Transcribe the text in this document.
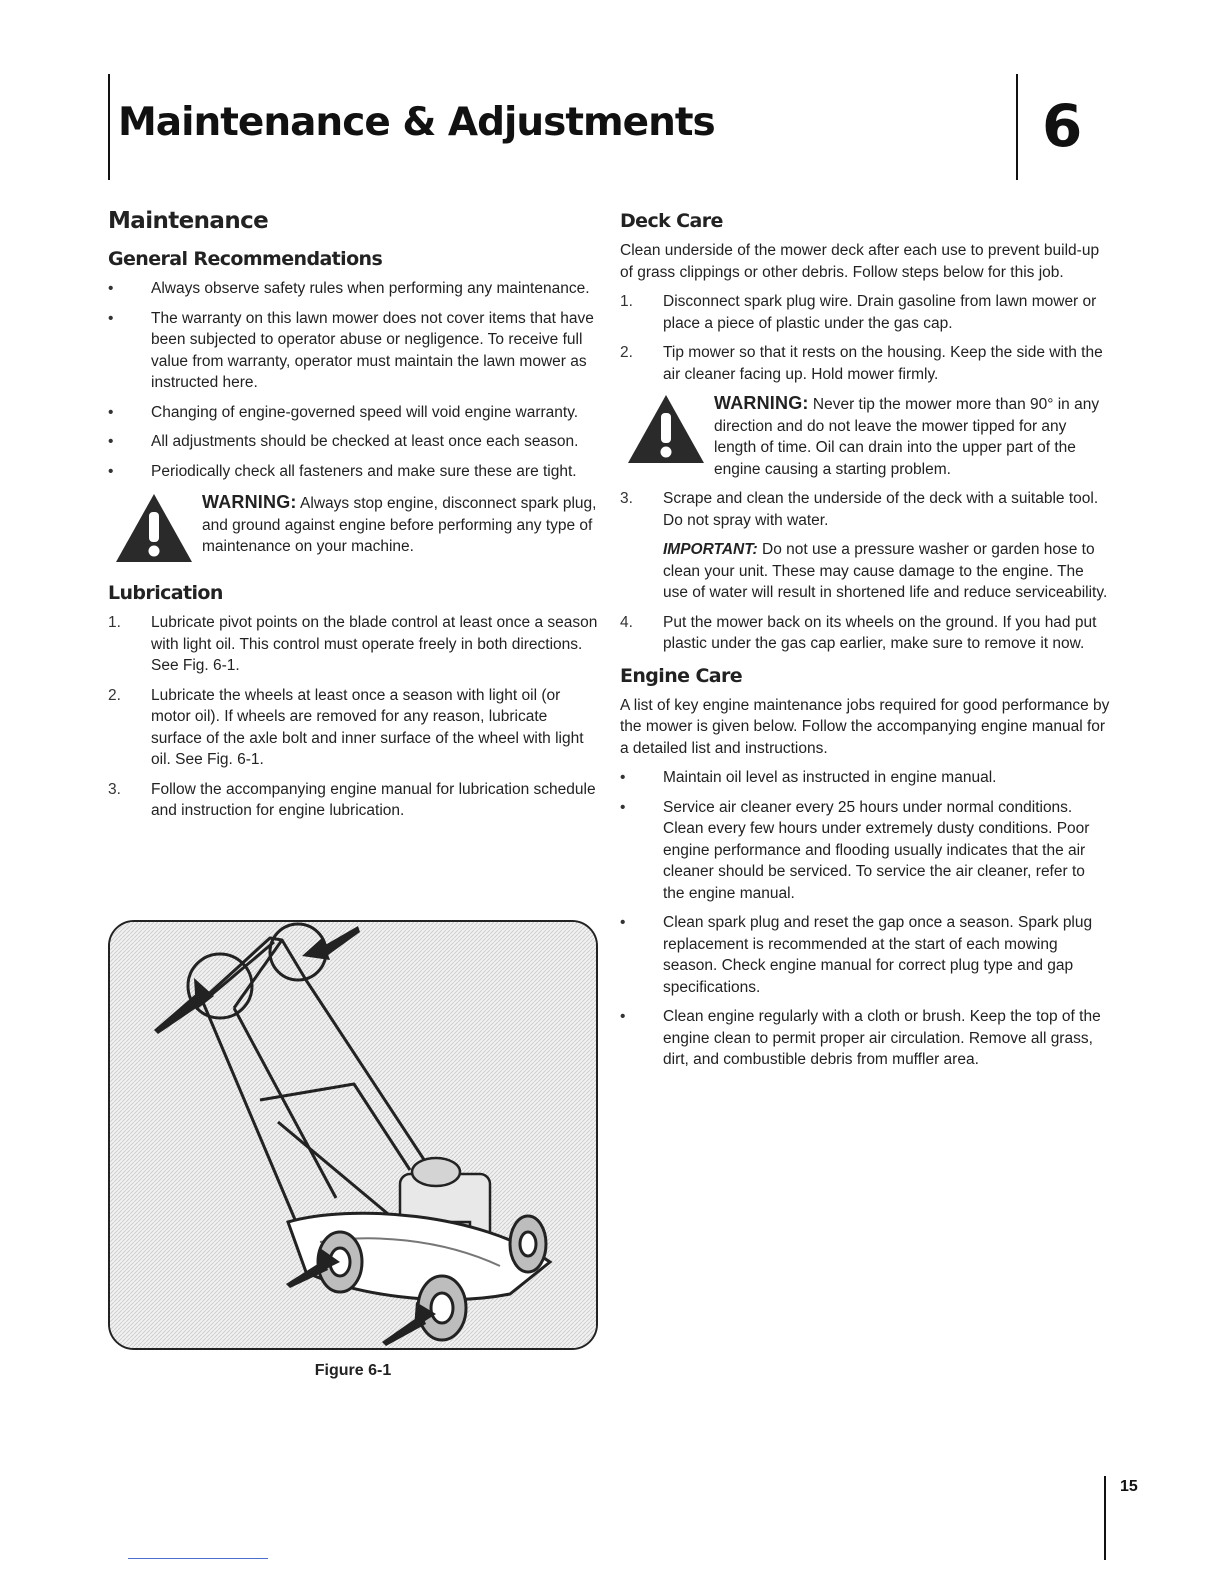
Maintenance & Adjustments	6
Maintenance
General Recommendations
•	Always observe safety rules when performing any maintenance.
•	The warranty on this lawn mower does not cover items that have been subjected to operator abuse or negligence. To receive full value from warranty, operator must maintain the lawn mower as instructed here.
•	Changing of engine-governed speed will void engine warranty.
•	All adjustments should be checked at least once each season.
•	Periodically check all fasteners and make sure these are tight.
WARNING: Always stop engine, disconnect spark plug, and ground against engine before performing any type of maintenance on your machine.
Lubrication
1.	Lubricate pivot points on the blade control at least once a season with light oil. This control must operate freely in both directions. See Fig. 6-1.
2.	Lubricate the wheels at least once a season with light oil (or motor oil). If wheels are removed for any reason, lubricate surface of the axle bolt and inner surface of the wheel with light oil. See Fig. 6-1.
3.	Follow the accompanying engine manual for lubrication schedule and instruction for engine lubrication.
Figure 6-1
Deck Care

Clean underside of the mower deck after each use to prevent build-up of grass clippings or other debris. Follow steps below for this job.

1.	Disconnect spark plug wire. Drain gasoline from lawn mower or place a piece of plastic under the gas cap.
2.	Tip mower so that it rests on the housing. Keep the side with the air cleaner facing up. Hold mower firmly.
WARNING: Never tip the mower more than 90° in any direction and do not leave the mower tipped for any length of time. Oil can drain into the upper part of the engine causing a starting problem.
3.	Scrape and clean the underside of the deck with a suitable tool. Do not spray with water.
IMPORTANT: Do not use a pressure washer or garden hose to clean your unit. These may cause damage to the engine. The use of water will result in shortened life and reduce serviceability.
4.	Put the mower back on its wheels on the ground. If you had put plastic under the gas cap earlier, make sure to remove it now.
Engine Care

A list of key engine maintenance jobs required for good performance by the mower is given below. Follow the accompanying engine manual for a detailed list and instructions.

•	Maintain oil level as instructed in engine manual.
•	Service air cleaner every 25 hours under normal conditions. Clean every few hours under extremely dusty conditions. Poor engine performance and flooding usually indicates that the air cleaner should be serviced. To service the air cleaner, refer to the engine manual.
•	Clean spark plug and reset the gap once a season. Spark plug replacement is recommended at the start of each mowing season. Check engine manual for correct plug type and gap specifications.
•	Clean engine regularly with a cloth or brush. Keep the top of the engine clean to permit proper air circulation. Remove all grass, dirt, and combustible debris from muffler area.
15
